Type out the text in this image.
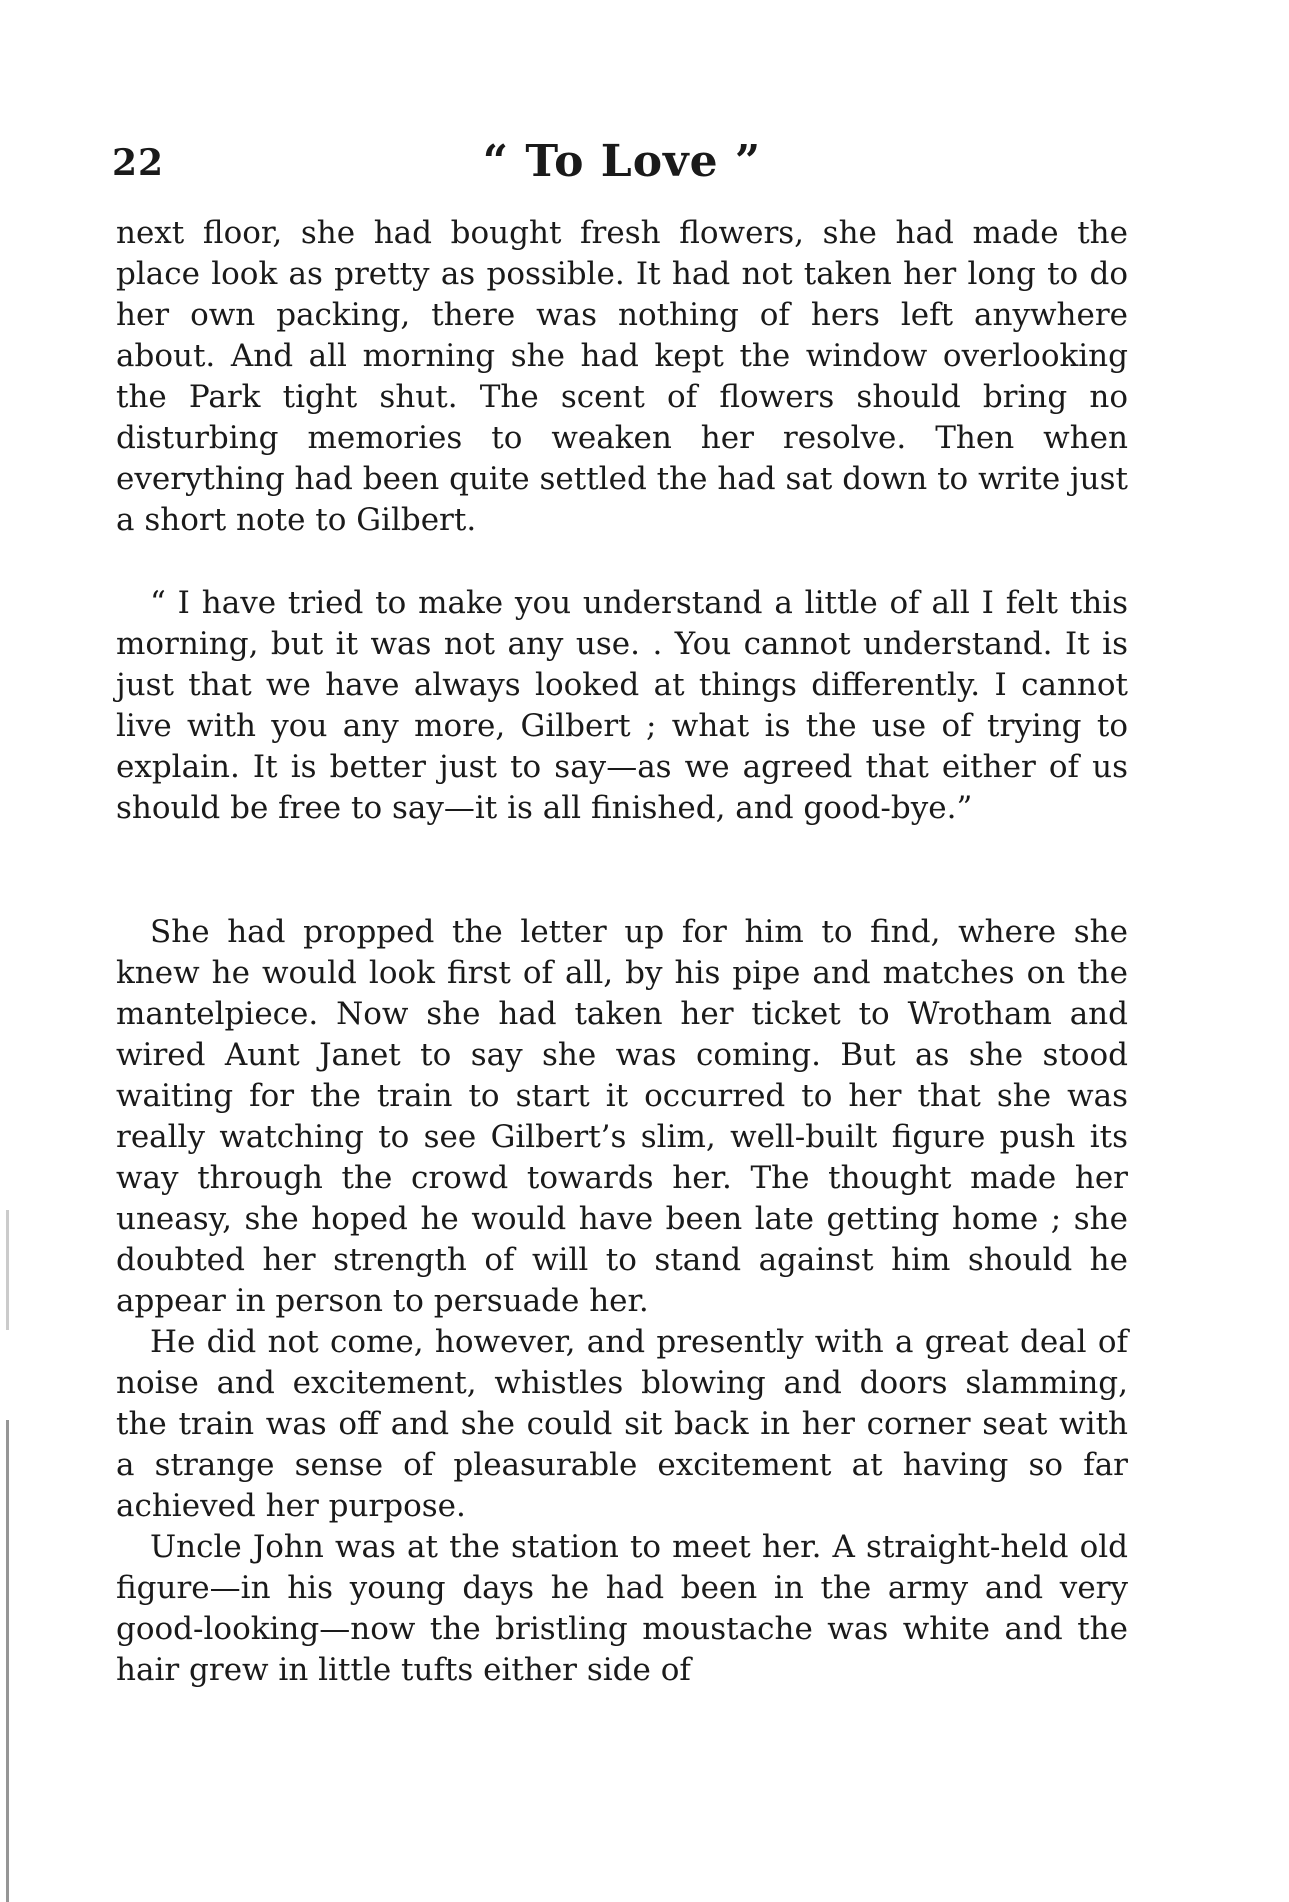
22	“ To Love ”

next floor, she had bought fresh flowers, she had made the place look as pretty as possible. It had not taken her long to do her own packing, there was nothing of hers left anywhere about. And all morning she had kept the window overlooking the Park tight shut. The scent of flowers should bring no disturbing memories to weaken her resolve. Then when everything had been quite settled the had sat down to write just a short note to Gilbert.

“ I have tried to make you understand a little of all I felt this morning, but it was not any use. . You cannot understand. It is just that we have always looked at things differently. I cannot live with you any more, Gilbert ; what is the use of trying to explain. It is better just to say—as we agreed that either of us should be free to say—it is all finished, and good-bye.”

She had propped the letter up for him to find, where she knew he would look first of all, by his pipe and matches on the mantelpiece. Now she had taken her ticket to Wrotham and wired Aunt Janet to say she was coming. But as she stood waiting for the train to start it occurred to her that she was really watching to see Gilbert’s slim, well-built figure push its way through the crowd towards her. The thought made her uneasy, she hoped he would have been late getting home ; she doubted her strength of will to stand against him should he appear in person to persuade her.

He did not come, however, and presently with a great deal of noise and excitement, whistles blowing and doors slamming, the train was off and she could sit back in her corner seat with a strange sense of pleasurable excitement at having so far achieved her purpose.

Uncle John was at the station to meet her. A straight-held old figure—in his young days he had been in the army and very good-looking—now the bristling moustache was white and the hair grew in little tufts either side of
